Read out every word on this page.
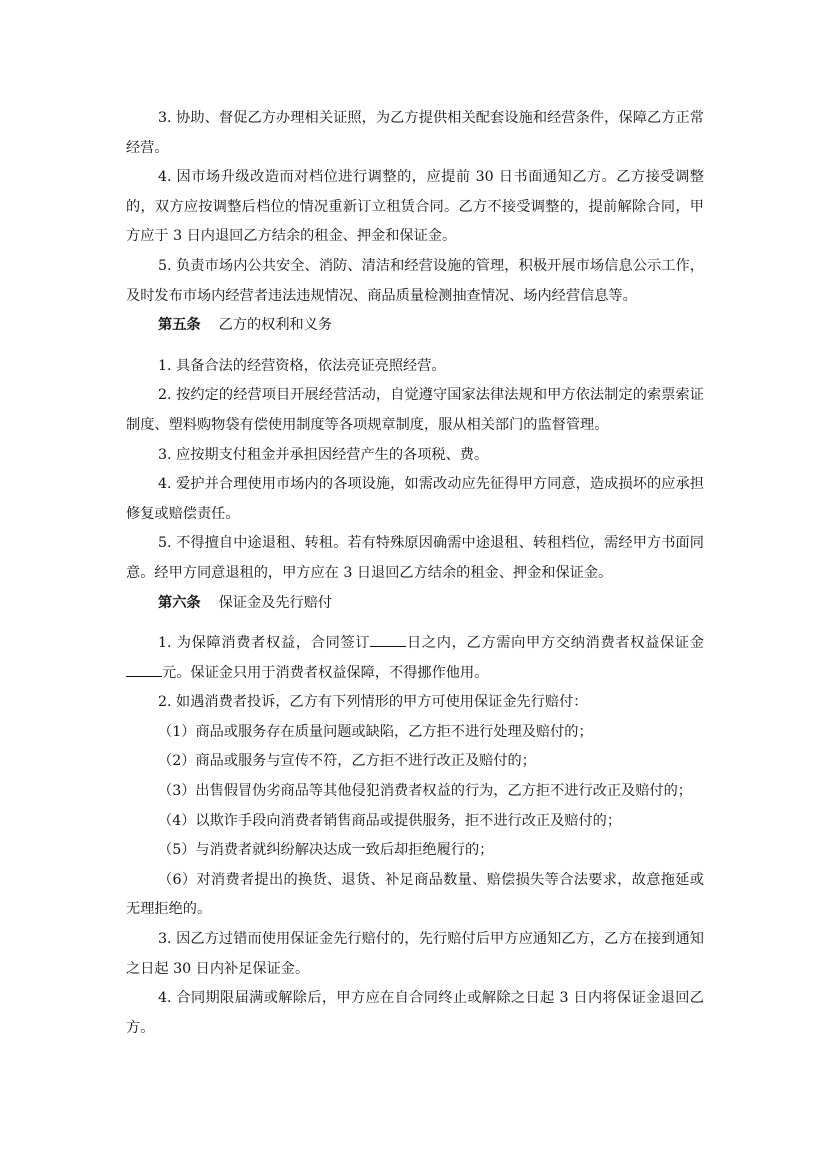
3. 协助、督促乙方办理相关证照，为乙方提供相关配套设施和经营条件，保障乙方正常经营。

4. 因市场升级改造而对档位进行调整的，应提前 30 日书面通知乙方。乙方接受调整的，双方应按调整后档位的情况重新订立租赁合同。乙方不接受调整的，提前解除合同，甲方应于 3 日内退回乙方结余的租金、押金和保证金。

5. 负责市场内公共安全、消防、清洁和经营设施的管理，积极开展市场信息公示工作，及时发布市场内经营者违法违规情况、商品质量检测抽查情况、场内经营信息等。

第五条 乙方的权利和义务

1. 具备合法的经营资格，依法亮证亮照经营。

2. 按约定的经营项目开展经营活动，自觉遵守国家法律法规和甲方依法制定的索票索证制度、塑料购物袋有偿使用制度等各项规章制度，服从相关部门的监督管理。

3. 应按期支付租金并承担因经营产生的各项税、费。

4. 爱护并合理使用市场内的各项设施，如需改动应先征得甲方同意，造成损坏的应承担修复或赔偿责任。

5. 不得擅自中途退租、转租。若有特殊原因确需中途退租、转租档位，需经甲方书面同意。经甲方同意退租的，甲方应在 3 日退回乙方结余的租金、押金和保证金。

第六条 保证金及先行赔付

1. 为保障消费者权益，合同签订	日之内，乙方需向甲方交纳消费者权益保证金元。保证金只用于消费者权益保障，不得挪作他用。

2. 如遇消费者投诉，乙方有下列情形的甲方可使用保证金先行赔付：

（1）商品或服务存在质量问题或缺陷，乙方拒不进行处理及赔付的；

（2）商品或服务与宣传不符，乙方拒不进行改正及赔付的；

（3）出售假冒伪劣商品等其他侵犯消费者权益的行为，乙方拒不进行改正及赔付的；

（4）以欺诈手段向消费者销售商品或提供服务，拒不进行改正及赔付的；

（5）与消费者就纠纷解决达成一致后却拒绝履行的；

（6）对消费者提出的换货、退货、补足商品数量、赔偿损失等合法要求，故意拖延或无理拒绝的。

3. 因乙方过错而使用保证金先行赔付的，先行赔付后甲方应通知乙方，乙方在接到通知之日起 30 日内补足保证金。

4. 合同期限届满或解除后，甲方应在自合同终止或解除之日起 3 日内将保证金退回乙方。
